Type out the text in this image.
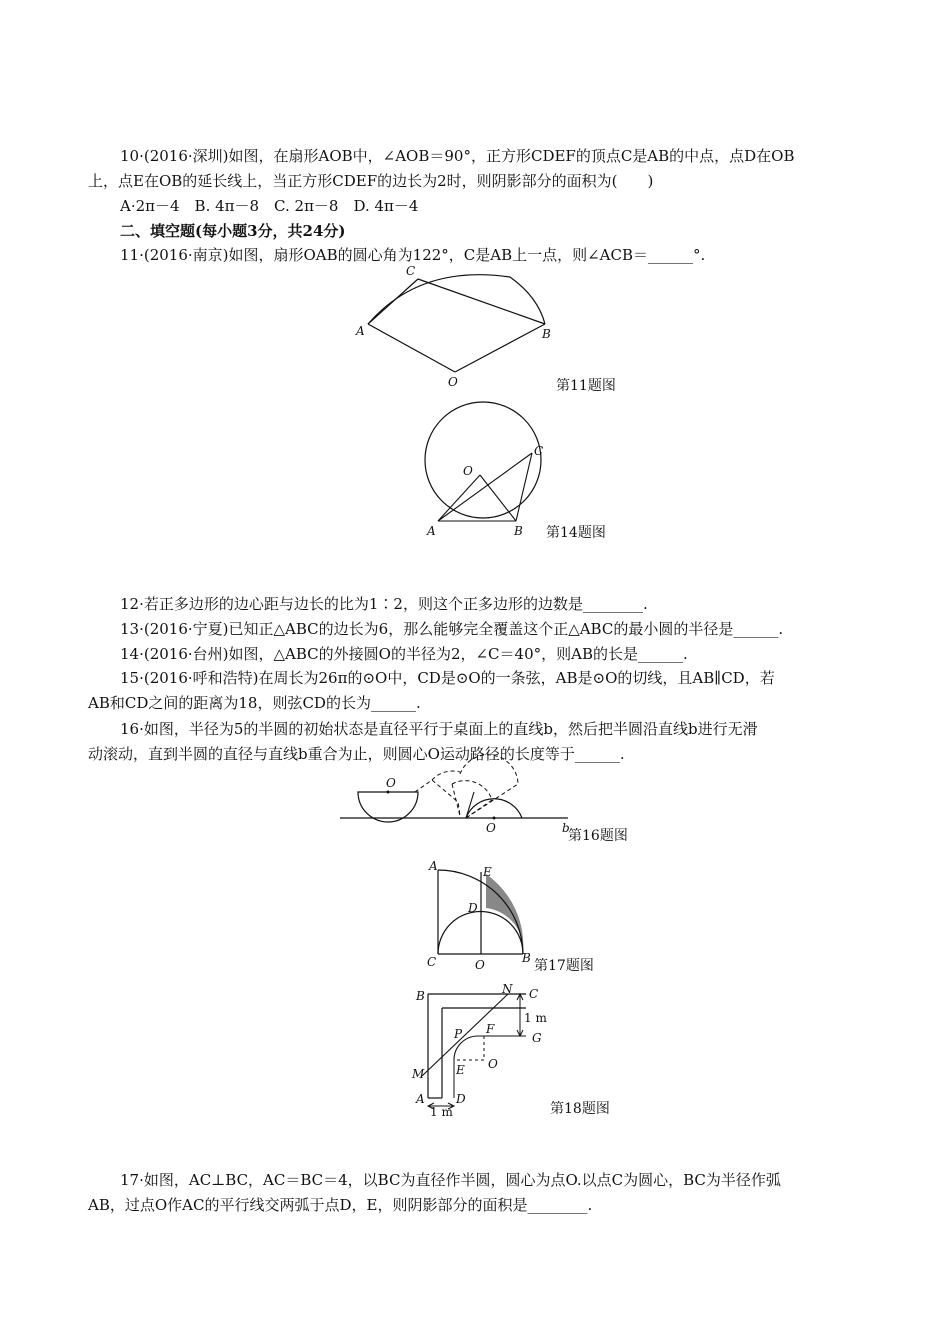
10·(2016·深圳)如图，在扇形AOB中，∠AOB＝90°，正方形CDEF的顶点C是AB的中点，点D在OB
上，点E在OB的延长线上，当正方形CDEF的边长为2时，则阴影部分的面积为(　　)
A·2π－4　B. 4π－8　C. 2π－8　D. 4π－4
二、填空题(每小题3分，共24分)
11·(2016·南京)如图，扇形OAB的圆心角为122°，C是AB上一点，则∠ACB＝______°.
A	B
C
O	第11题图
O
C
A	B 第14题图
12·若正多边形的边心距与边长的比为1∶2，则这个正多边形的边数是________.
13·(2016·宁夏)已知正△ABC的边长为6，那么能够完全覆盖这个正△ABC的最小圆的半径是______.
14·(2016·台州)如图，△ABC的外接圆O的半径为2，∠C＝40°，则AB的长是______.
15·(2016·呼和浩特)在周长为26π的⊙O中，CD是⊙O的一条弦，AB是⊙O的切线，且AB∥CD，若
AB和CD之间的距离为18，则弦CD的长为______.
16·如图，半径为5的半圆的初始状态是直径平行于桌面上的直线b，然后把半圆沿直线b进行无滑
动滚动，直到半圆的直径与直线b重合为止，则圆心O运动路径的长度等于______.
O
O	b
第16题图
A	E
D
C	O	B 第17题图
B	N C
1 m
G
F
P
O
E
M
A	D
1 m	第18题图
17·如图，AC⊥BC，AC＝BC＝4，以BC为直径作半圆，圆心为点O.以点C为圆心，BC为半径作弧
AB，过点O作AC的平行线交两弧于点D，E，则阴影部分的面积是________.
